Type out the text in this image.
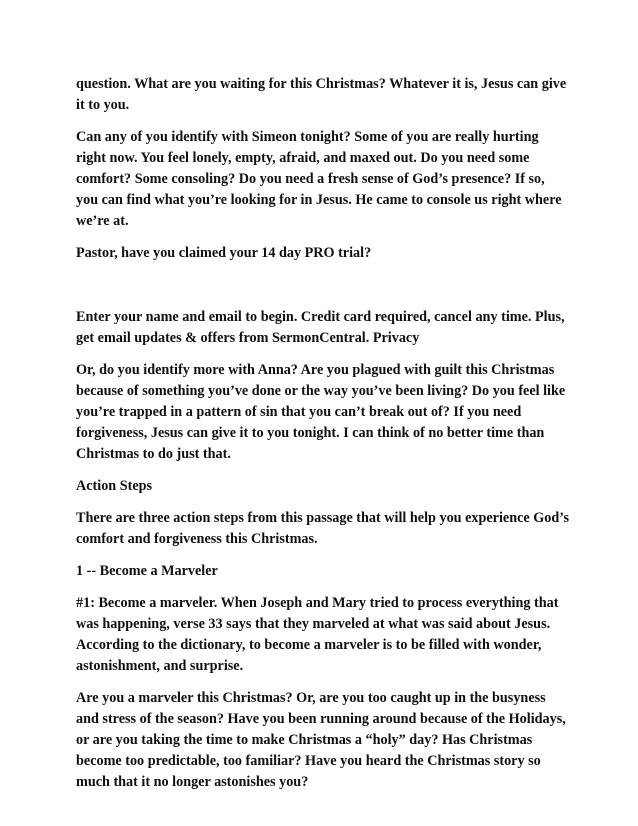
question. What are you waiting for this Christmas? Whatever it is, Jesus can give it to you.

Can any of you identify with Simeon tonight? Some of you are really hurting right now. You feel lonely, empty, afraid, and maxed out. Do you need some comfort? Some consoling? Do you need a fresh sense of God’s presence? If so, you can find what you’re looking for in Jesus. He came to console us right where we’re at.

Pastor, have you claimed your 14 day PRO trial?

Enter your name and email to begin. Credit card required, cancel any time. Plus, get email updates & offers from SermonCentral. Privacy

Or, do you identify more with Anna? Are you plagued with guilt this Christmas because of something you’ve done or the way you’ve been living? Do you feel like you’re trapped in a pattern of sin that you can’t break out of? If you need forgiveness, Jesus can give it to you tonight. I can think of no better time than Christmas to do just that.

Action Steps

There are three action steps from this passage that will help you experience God’s comfort and forgiveness this Christmas.

1 -- Become a Marveler

#1: Become a marveler. When Joseph and Mary tried to process everything that was happening, verse 33 says that they marveled at what was said about Jesus. According to the dictionary, to become a marveler is to be filled with wonder, astonishment, and surprise.

Are you a marveler this Christmas? Or, are you too caught up in the busyness and stress of the season? Have you been running around because of the Holidays, or are you taking the time to make Christmas a “holy” day? Has Christmas become too predictable, too familiar? Have you heard the Christmas story so much that it no longer astonishes you?
